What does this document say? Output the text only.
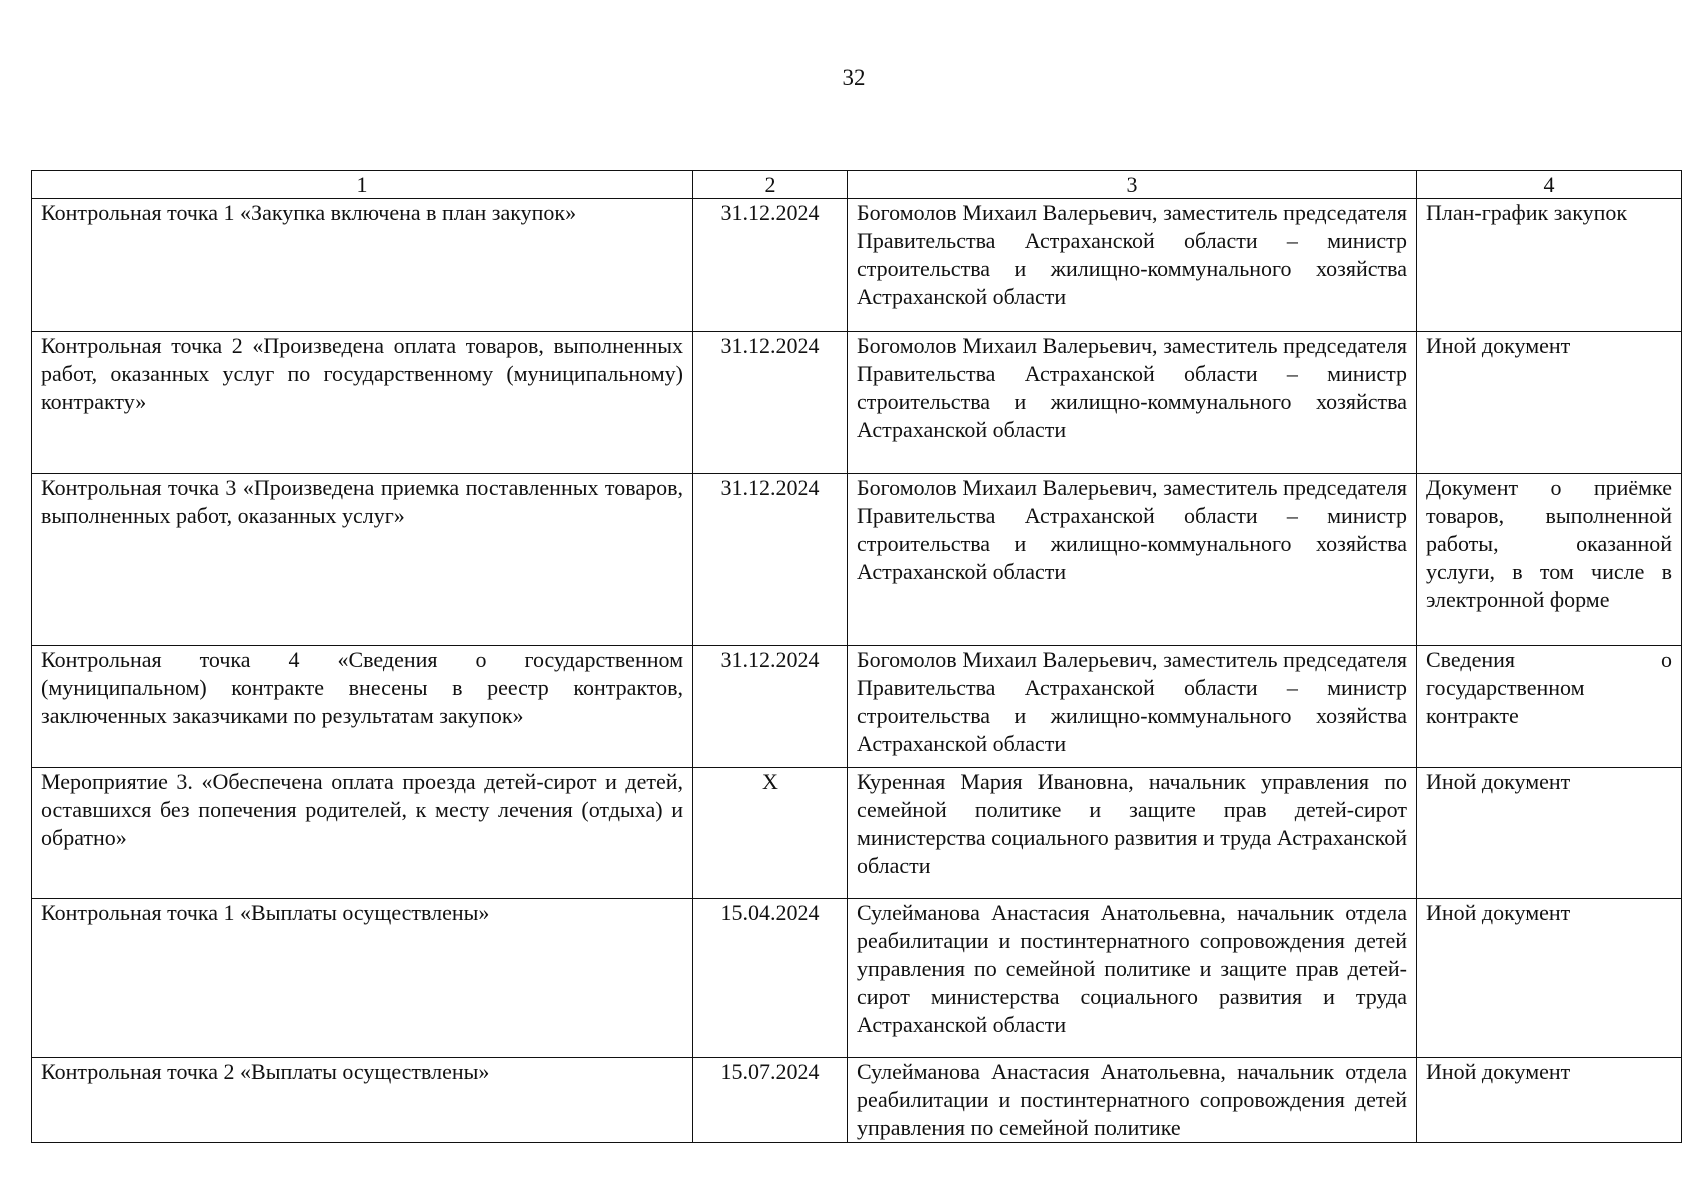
32
1	2	3	4
Контрольная точка 1 «Закупка включена в план закупок»	31.12.2024	Богомолов Михаил Валерьевич, заместитель председателя Правительства Астраханской области – министр строительства и жилищно-коммунального хозяйства Астраханской области	План-график закупок
Контрольная точка 2 «Произведена оплата товаров, выполненных работ, оказанных услуг по государственному (муниципальному) контракту»	31.12.2024	Богомолов Михаил Валерьевич, заместитель председателя Правительства Астраханской области – министр строительства и жилищно-коммунального хозяйства Астраханской области	Иной документ
Контрольная точка 3 «Произведена приемка поставленных товаров, выполненных работ, оказанных услуг»	31.12.2024	Богомолов Михаил Валерьевич, заместитель председателя Правительства Астраханской области – министр строительства и жилищно-коммунального хозяйства Астраханской области	Документ о приёмке товаров, выполненной работы, оказанной услуги, в том числе в электронной форме
Контрольная точка 4 «Сведения о государственном (муниципальном) контракте внесены в реестр контрактов, заключенных заказчиками по результатам закупок»	31.12.2024	Богомолов Михаил Валерьевич, заместитель председателя Правительства Астраханской области – министр строительства и жилищно-коммунального хозяйства Астраханской области	Сведения о государственном контракте
Мероприятие 3. «Обеспечена оплата проезда детей-сирот и детей, оставшихся без попечения родителей, к месту лечения (отдыха) и обратно»	X	Куренная Мария Ивановна, начальник управления по семейной политике и защите прав детей-сирот министерства социального развития и труда Астраханской области	Иной документ
Контрольная точка 1 «Выплаты осуществлены»	15.04.2024	Сулейманова Анастасия Анатольевна, начальник отдела реабилитации и постинтернатного сопровождения детей управления по семейной политике и защите прав детей-сирот министерства социального развития и труда Астраханской области	Иной документ
Контрольная точка 2 «Выплаты осуществлены»	15.07.2024	Сулейманова Анастасия Анатольевна, начальник отдела реабилитации и постинтернатного сопровождения детей управления по семейной политике	Иной документ
